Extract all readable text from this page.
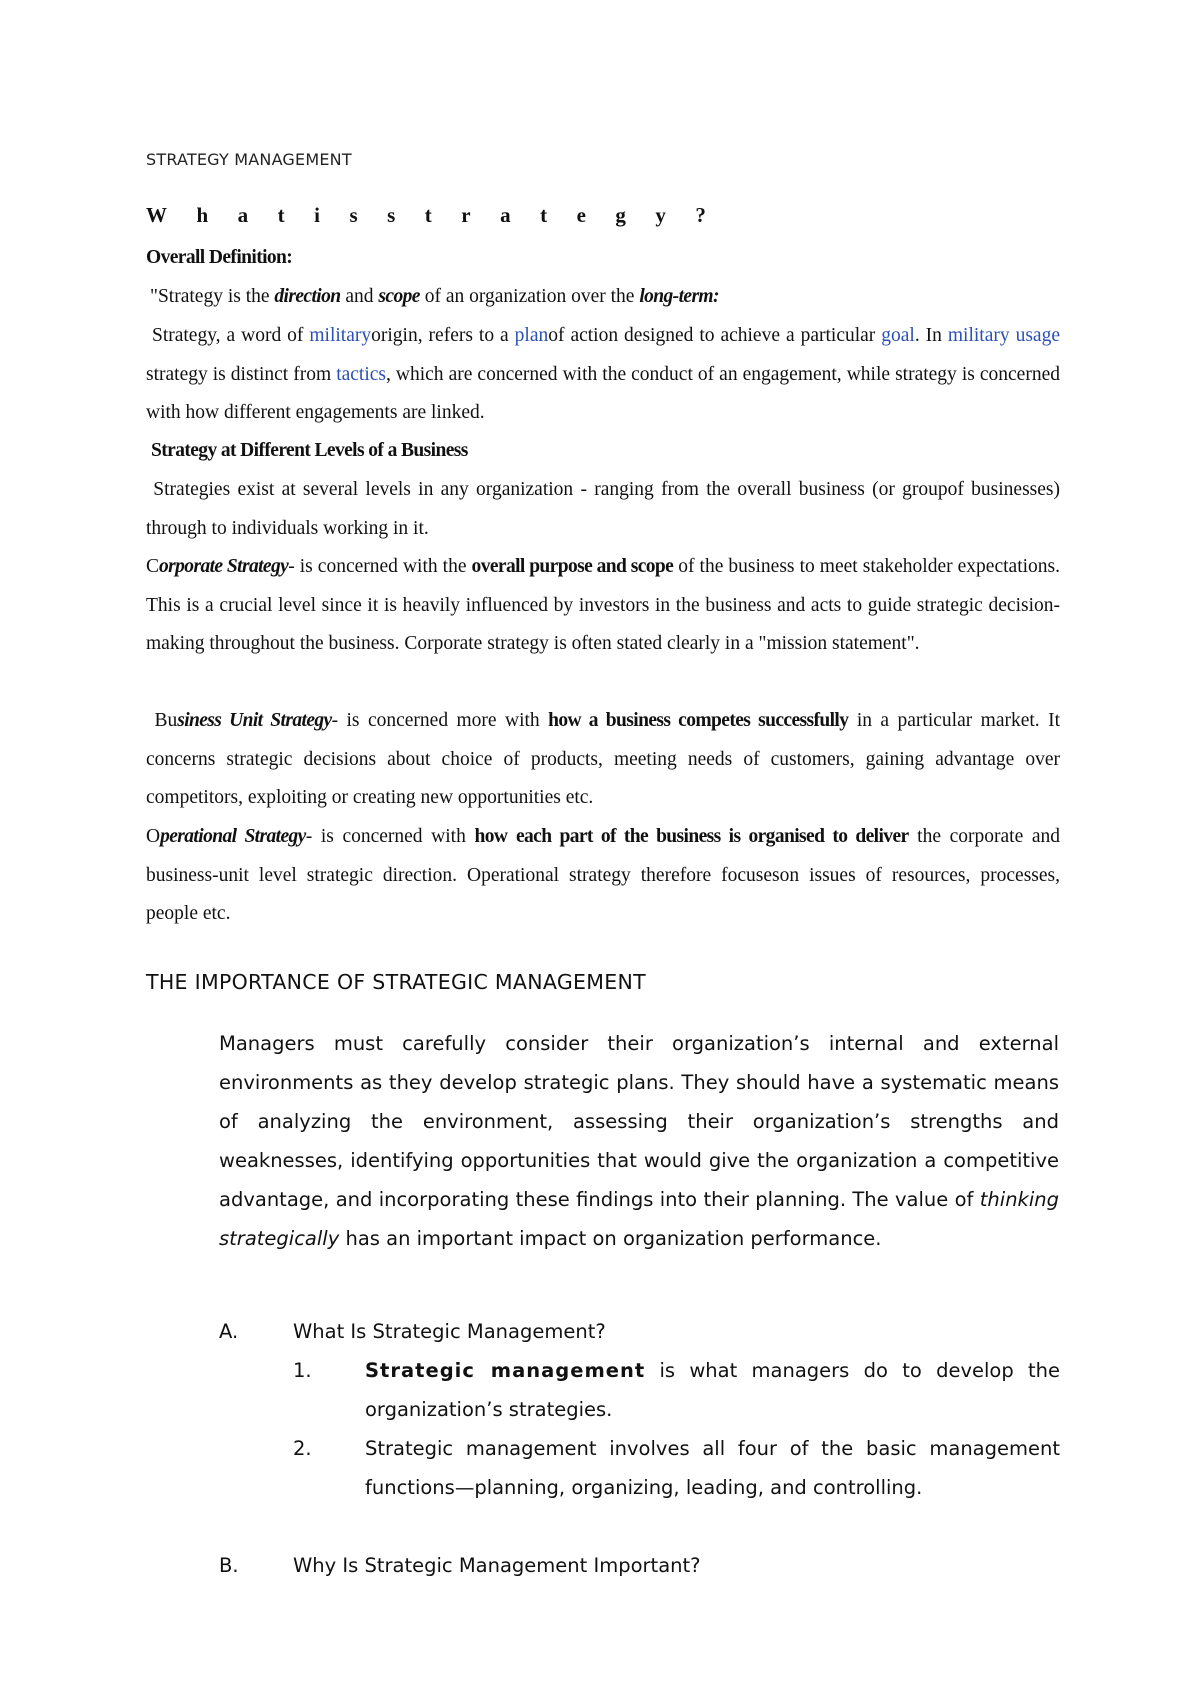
STRATEGY MANAGEMENT
W h a t i s s t r a t e g y ?

Overall Definition:

"Strategy is the direction and scope of an organization over the long-term:

Strategy, a word of militaryorigin, refers to a planof action designed to achieve a particular goal. In military usage strategy is distinct from tactics, which are concerned with the conduct of an engagement, while strategy is concerned with how different engagements are linked.

Strategy at Different Levels of a Business

Strategies exist at several levels in any organization - ranging from the overall business (or groupof businesses) through to individuals working in it.

Corporate Strategy- is concerned with the overall purpose and scope of the business to meet stakeholder expectations. This is a crucial level since it is heavily influenced by investors in the business and acts to guide strategic decision-making throughout the business. Corporate strategy is often stated clearly in a "mission statement".

Business Unit Strategy- is concerned more with how a business competes successfully in a particular market. It concerns strategic decisions about choice of products, meeting needs of customers, gaining advantage over competitors, exploiting or creating new opportunities etc.

Operational Strategy- is concerned with how each part of the business is organised to deliver the corporate and business-unit level strategic direction. Operational strategy therefore focuseson issues of resources, processes, people etc.

THE IMPORTANCE OF STRATEGIC MANAGEMENT

Managers must carefully consider their organization’s internal and external environments as they develop strategic plans. They should have a systematic means of analyzing the environment, assessing their organization’s strengths and weaknesses, identifying opportunities that would give the organization a competitive advantage, and incorporating these findings into their planning. The value of thinking strategically has an important impact on organization performance.

A.	What Is Strategic Management?
1.	Strategic management is what managers do to develop the organization’s strategies.

2.	Strategic management involves all four of the basic management functions—planning, organizing, leading, and controlling.

B.	Why Is Strategic Management Important?
